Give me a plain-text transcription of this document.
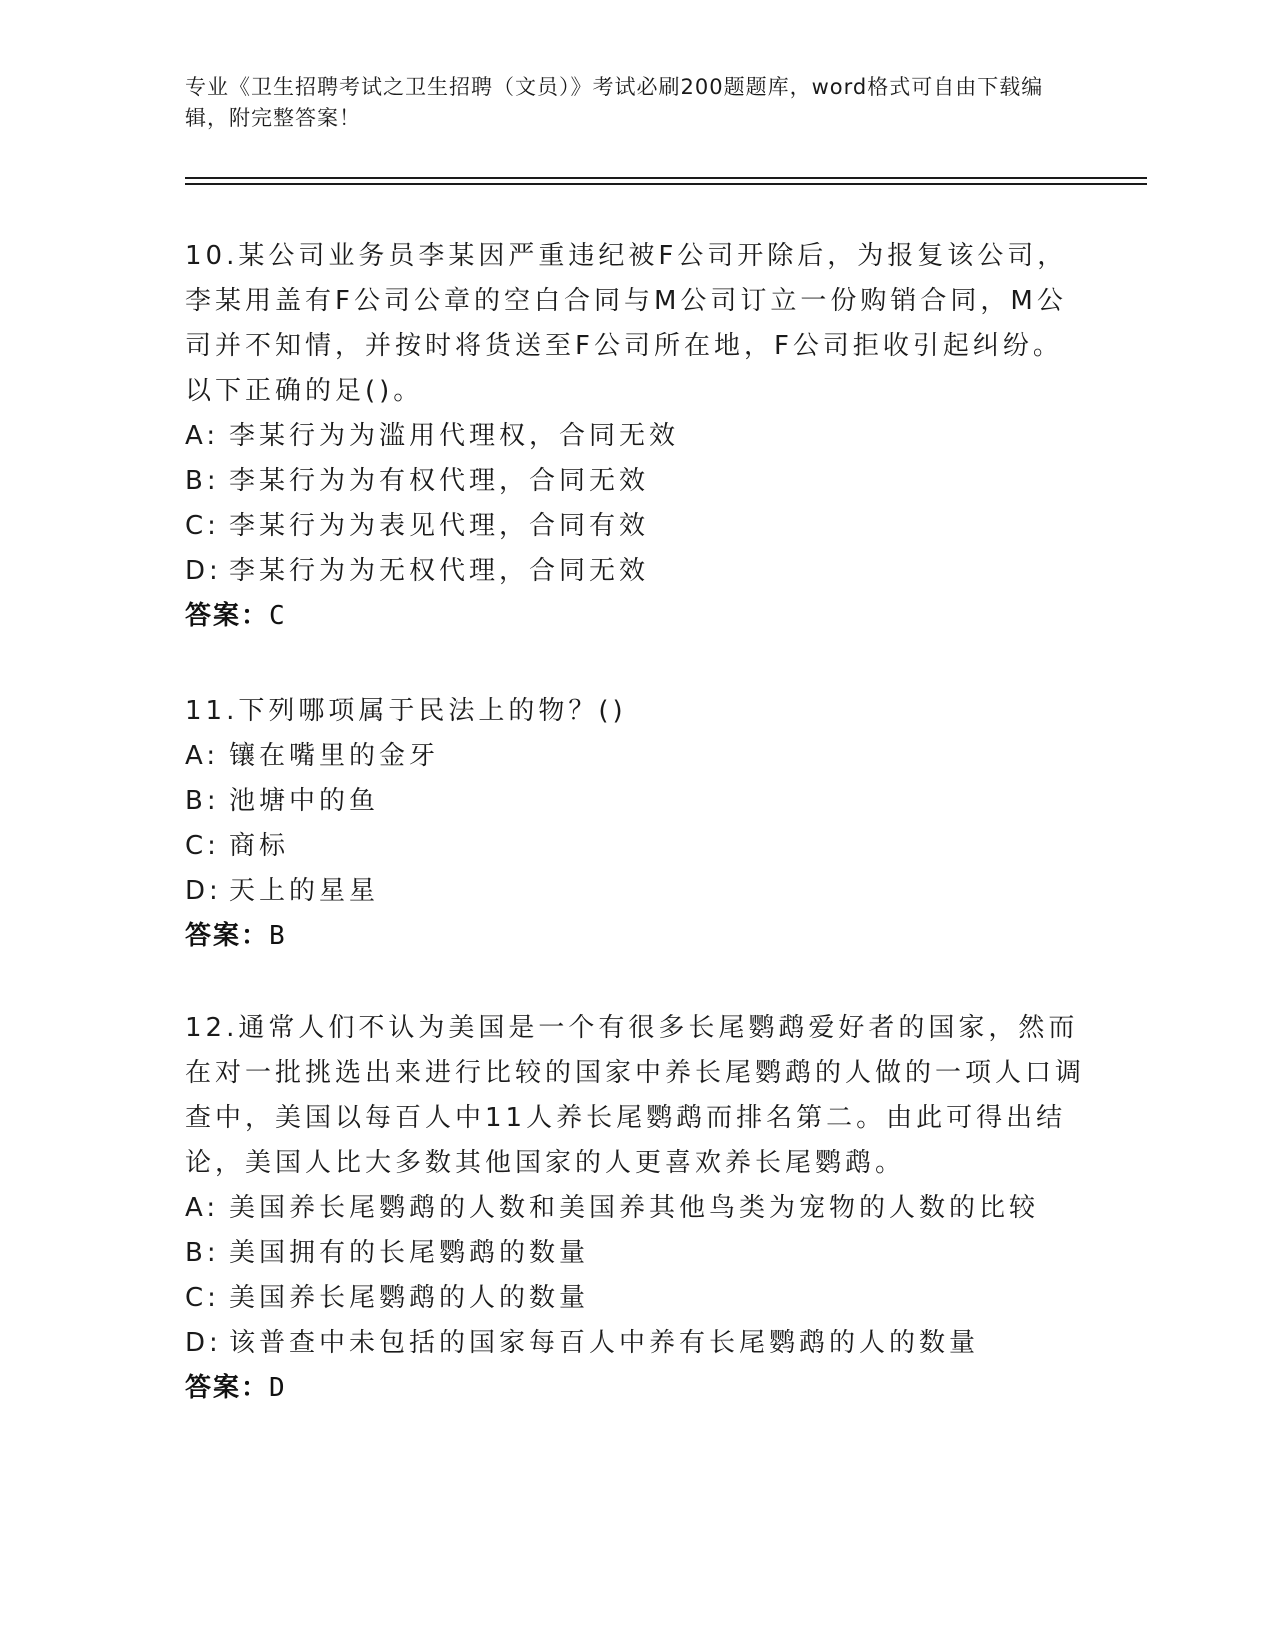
专业《卫生招聘考试之卫生招聘（文员）》考试必刷200题题库，word格式可自由下载编辑，附完整答案！
10.某公司业务员李某因严重违纪被F公司开除后，为报复该公司，李某用盖有F公司公章的空白合同与M公司订立一份购销合同，M公司并不知情，并按时将货送至F公司所在地，F公司拒收引起纠纷。以下正确的足()。
A: 李某行为为滥用代理权，合同无效
B: 李某行为为有权代理，合同无效
C: 李某行为为表见代理，合同有效
D: 李某行为为无权代理，合同无效
答案：C
11.下列哪项属于民法上的物？()
A: 镶在嘴里的金牙
B: 池塘中的鱼
C: 商标
D: 天上的星星
答案：B
12.通常人们不认为美国是一个有很多长尾鹦鹉爱好者的国家，然而在对一批挑选出来进行比较的国家中养长尾鹦鹉的人做的一项人口调查中，美国以每百人中11人养长尾鹦鹉而排名第二。由此可得出结论，美国人比大多数其他国家的人更喜欢养长尾鹦鹉。
A: 美国养长尾鹦鹉的人数和美国养其他鸟类为宠物的人数的比较
B: 美国拥有的长尾鹦鹉的数量
C: 美国养长尾鹦鹉的人的数量
D: 该普查中未包括的国家每百人中养有长尾鹦鹉的人的数量
答案：D
